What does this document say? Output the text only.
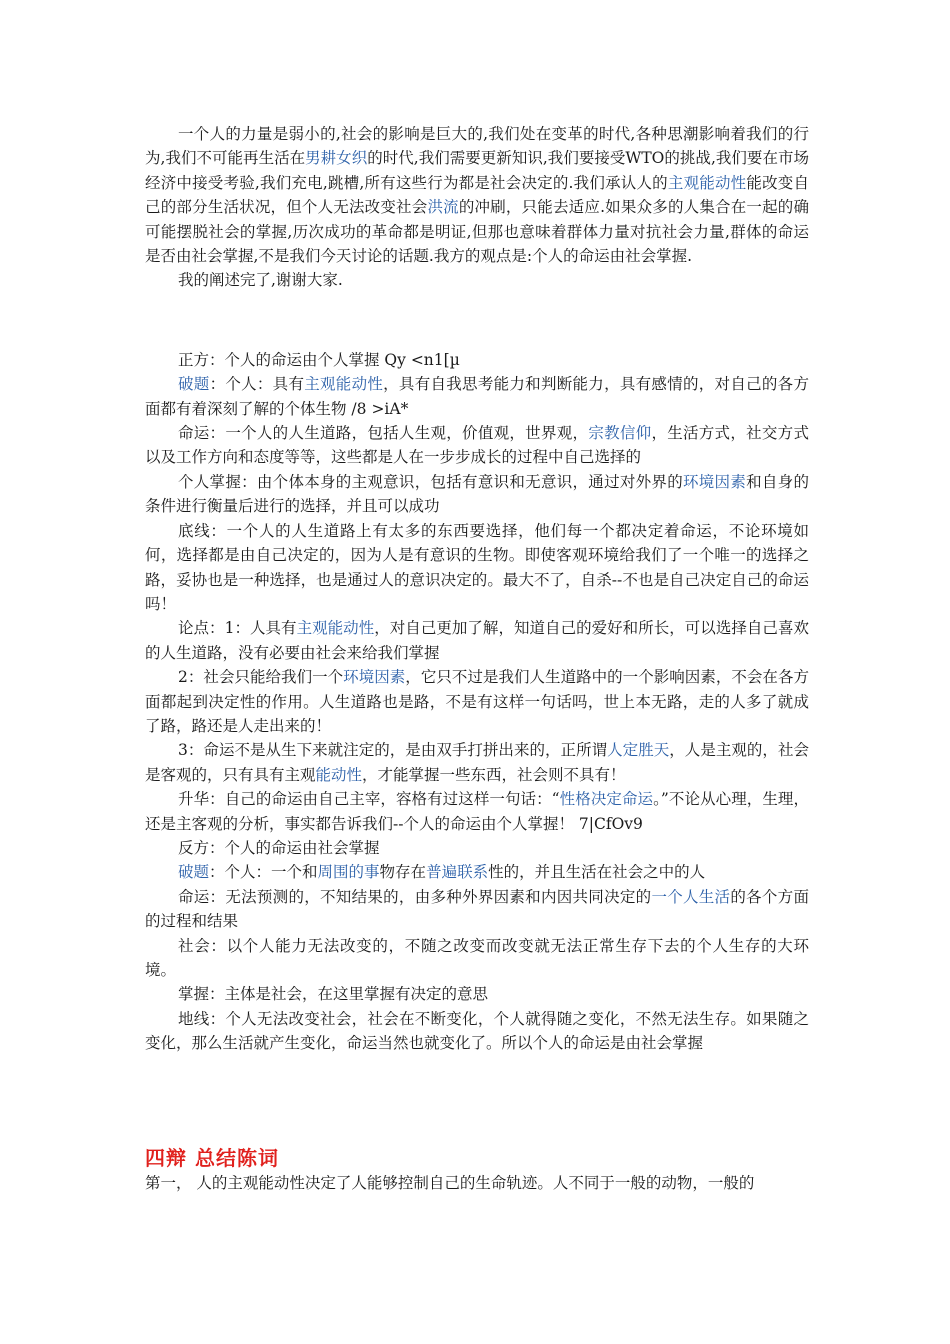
一个人的力量是弱小的,社会的影响是巨大的,我们处在变革的时代,各种思潮影响着我们的行为,我们不可能再生活在男耕女织的时代,我们需要更新知识,我们要接受WTO的挑战,我们要在市场经济中接受考验,我们充电,跳槽,所有这些行为都是社会决定的.我们承认人的主观能动性能改变自己的部分生活状况，但个人无法改变社会洪流的冲刷，只能去适应.如果众多的人集合在一起的确可能摆脱社会的掌握,历次成功的革命都是明证,但那也意味着群体力量对抗社会力量,群体的命运是否由社会掌握,不是我们今天讨论的话题.我方的观点是:个人的命运由社会掌握.

我的阐述完了,谢谢大家.

正方：个人的命运由个人掌握 Qy <n1[µ

破题：个人：具有主观能动性，具有自我思考能力和判断能力，具有感情的，对自己的各方面都有着深刻了解的个体生物 /8 >iA*

命运：一个人的人生道路，包括人生观，价值观，世界观，宗教信仰，生活方式，社交方式以及工作方向和态度等等，这些都是人在一步步成长的过程中自己选择的

个人掌握：由个体本身的主观意识，包括有意识和无意识，通过对外界的环境因素和自身的条件进行衡量后进行的选择，并且可以成功

底线：一个人的人生道路上有太多的东西要选择，他们每一个都决定着命运，不论环境如何，选择都是由自己决定的，因为人是有意识的生物。即使客观环境给我们了一个唯一的选择之路，妥协也是一种选择，也是通过人的意识决定的。最大不了，自杀--不也是自己决定自己的命运吗！

论点：1：人具有主观能动性，对自己更加了解，知道自己的爱好和所长，可以选择自己喜欢的人生道路，没有必要由社会来给我们掌握

2：社会只能给我们一个环境因素，它只不过是我们人生道路中的一个影响因素，不会在各方面都起到决定性的作用。人生道路也是路，不是有这样一句话吗，世上本无路，走的人多了就成了路，路还是人走出来的！

3：命运不是从生下来就注定的，是由双手打拼出来的，正所谓人定胜天，人是主观的，社会是客观的，只有具有主观能动性，才能掌握一些东西，社会则不具有！

升华：自己的命运由自己主宰，容格有过这样一句话：“性格决定命运。”不论从心理，生理，还是主客观的分析，事实都告诉我们--个人的命运由个人掌握！ 7|CfOv9

反方：个人的命运由社会掌握

破题：个人：一个和周围的事物存在普遍联系性的，并且生活在社会之中的人

命运：无法预测的，不知结果的，由多种外界因素和内因共同决定的一个人生活的各个方面的过程和结果

社会：以个人能力无法改变的，不随之改变而改变就无法正常生存下去的个人生存的大环境。

掌握：主体是社会，在这里掌握有决定的意思

地线：个人无法改变社会，社会在不断变化，个人就得随之变化，不然无法生存。如果随之变化，那么生活就产生变化，命运当然也就变化了。所以个人的命运是由社会掌握

四辩 总结陈词
第一， 人的主观能动性决定了人能够控制自己的生命轨迹。人不同于一般的动物，一般的
